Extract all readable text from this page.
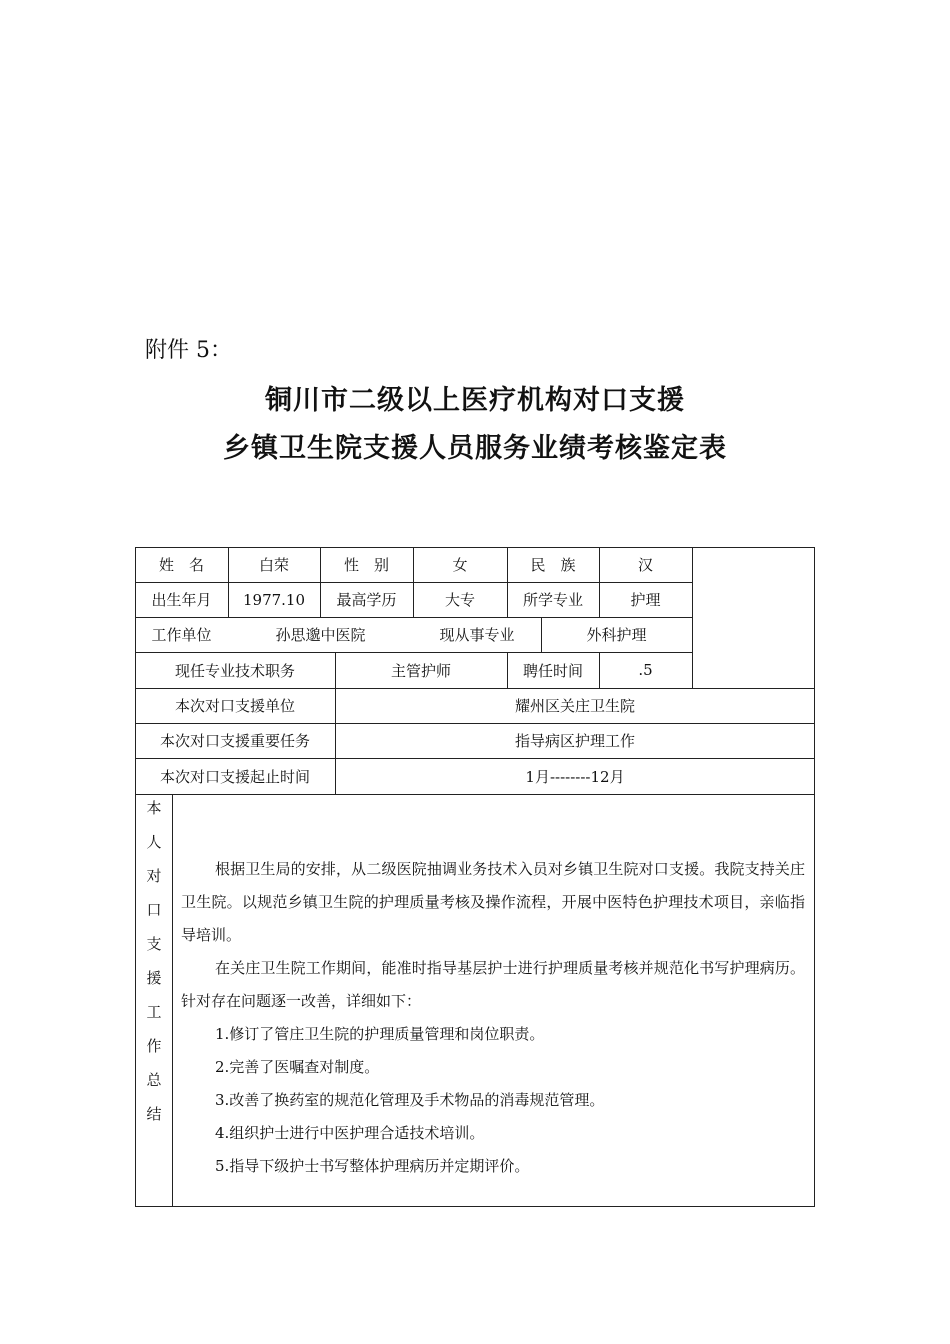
附件 5：
铜川市二级以上医疗机构对口支援
乡镇卫生院支援人员服务业绩考核鉴定表
姓　名	白荣	性　别	女	民　族	汉
出生年月	1977.10	最高学历	大专	所学专业	护理
工作单位	孙思邈中医院	现从事专业	外科护理
现任专业技术职务	主管护师	聘任时间	.5
本次对口支援单位	耀州区关庄卫生院
本次对口支援重要任务	指导病区护理工作
本次对口支援起止时间	1月--------12月
本
人
对
口
支
援
工
作
总
结

根据卫生局的安排，从二级医院抽调业务技术入员对乡镇卫生院对口支援。我院支持关庄卫生院。以规范乡镇卫生院的护理质量考核及操作流程，开展中医特色护理技术项目，亲临指导培训。

在关庄卫生院工作期间，能准时指导基层护士进行护理质量考核并规范化书写护理病历。针对存在问题逐一改善，详细如下：

1.修订了管庄卫生院的护理质量管理和岗位职责。

2.完善了医嘱查对制度。

3.改善了换药室的规范化管理及手术物品的消毒规范管理。

4.组织护士进行中医护理合适技术培训。

5.指导下级护士书写整体护理病历并定期评价。
